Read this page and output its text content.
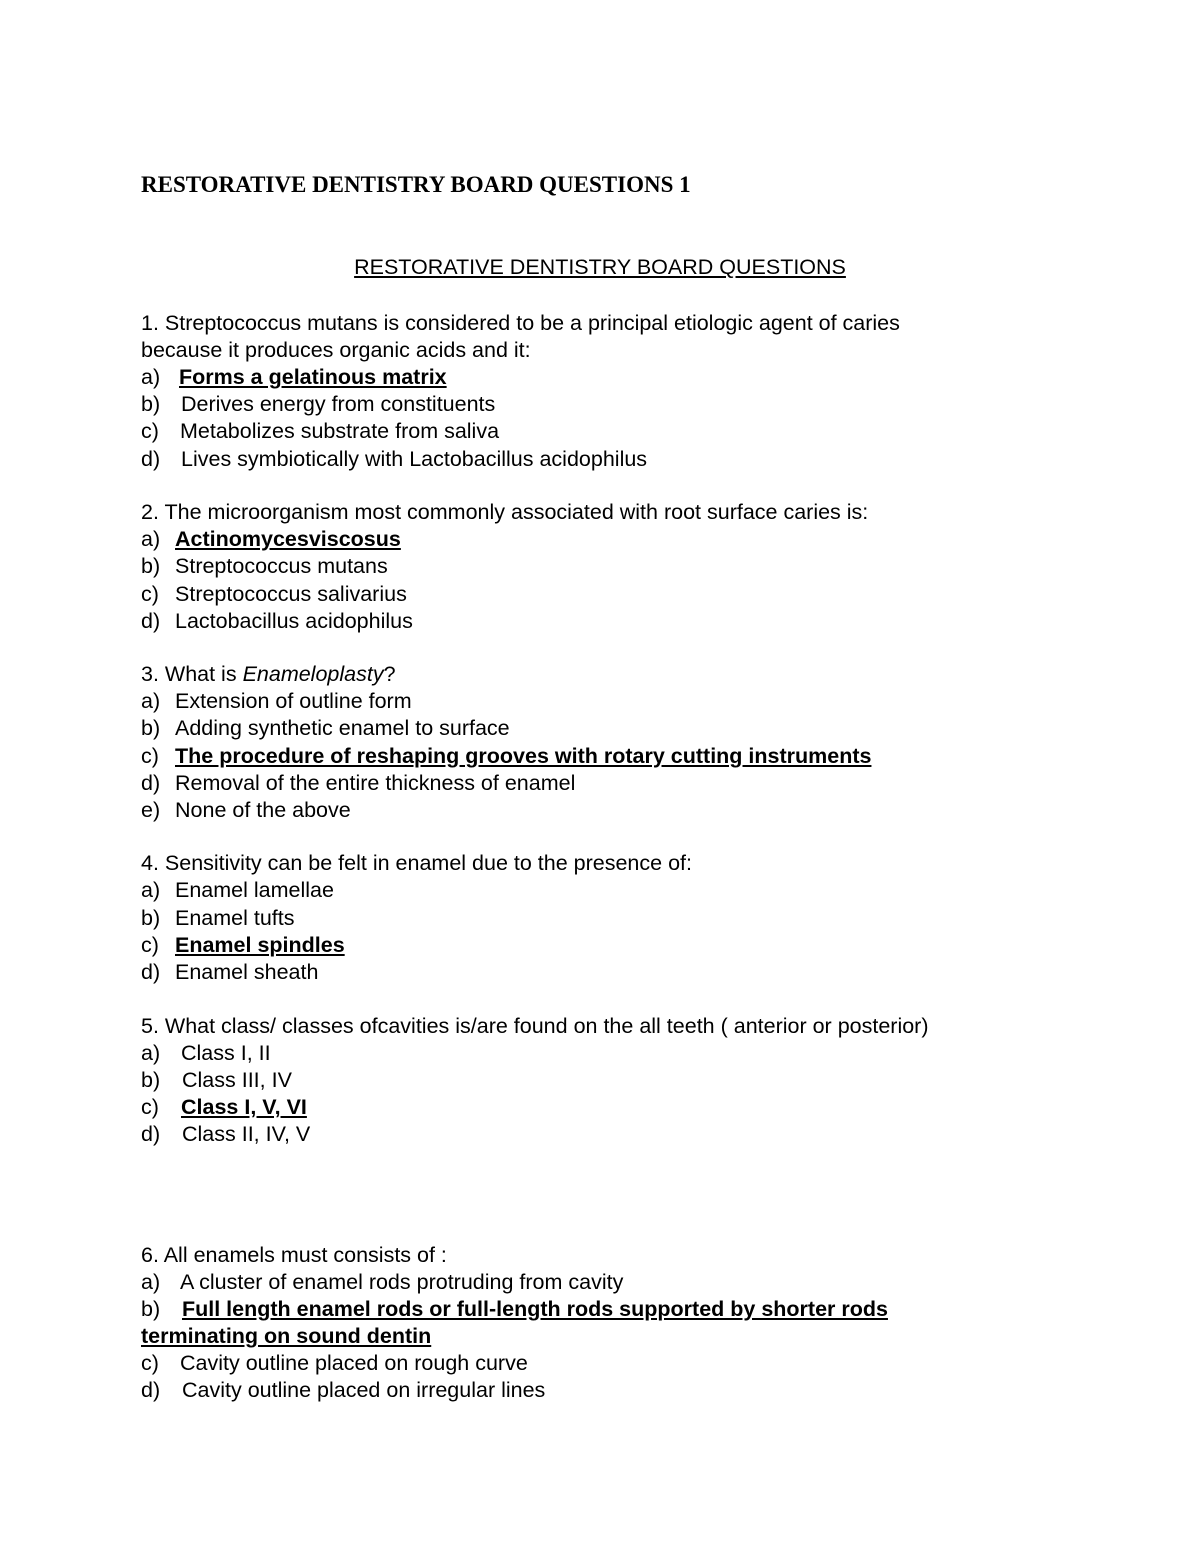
RESTORATIVE DENTISTRY BOARD QUESTIONS 1
RESTORATIVE DENTISTRY BOARD QUESTIONS
1. Streptococcus mutans is considered to be a principal etiologic agent of caries
because it produces organic acids and it:
a) Forms a gelatinous matrix
b) Derives energy from constituents
c) Metabolizes substrate from saliva
d) Lives symbiotically with Lactobacillus acidophilus
2. The microorganism most commonly associated with root surface caries is:
a) Actinomycesviscosus
b) Streptococcus mutans
c) Streptococcus salivarius
d) Lactobacillus acidophilus
3. What is Enameloplasty?
a) Extension of outline form
b) Adding synthetic enamel to surface
c) The procedure of reshaping grooves with rotary cutting instruments
d) Removal of the entire thickness of enamel
e) None of the above
4. Sensitivity can be felt in enamel due to the presence of:
a) Enamel lamellae
b) Enamel tufts
c) Enamel spindles
d) Enamel sheath
5. What class/ classes ofcavities is/are found on the all teeth ( anterior or posterior)
a) Class I, II
b) Class III, IV
c) Class I, V, VI
d) Class II, IV, V
6. All enamels must consists of :
a) A cluster of enamel rods protruding from cavity
b) Full length enamel rods or full-length rods supported by shorter rods
terminating on sound dentin
c) Cavity outline placed on rough curve
d) Cavity outline placed on irregular lines
